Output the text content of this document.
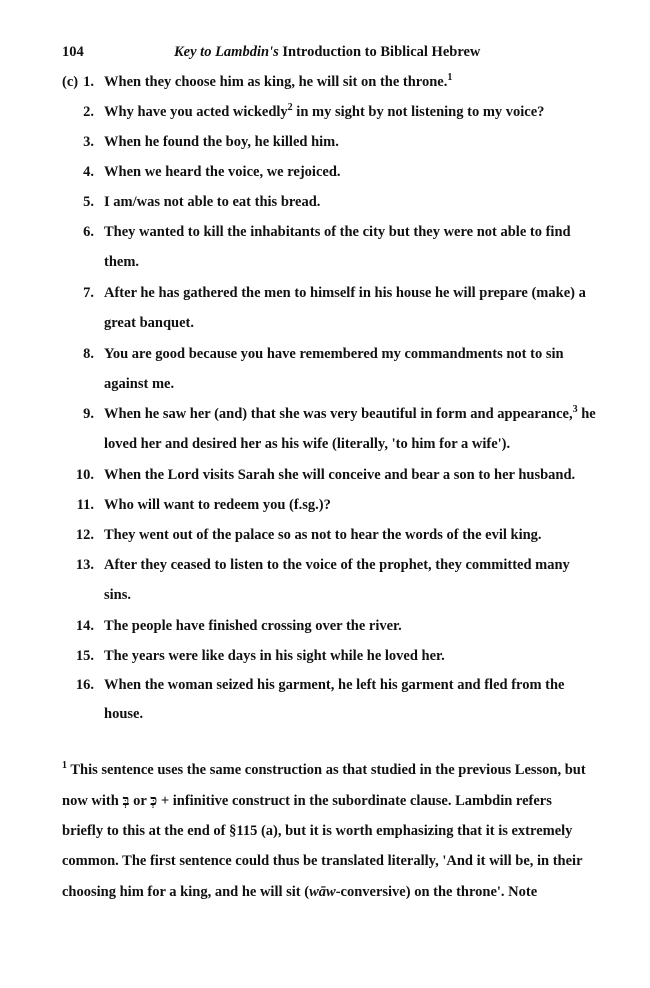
104	Key to Lambdin's Introduction to Biblical Hebrew
(c) 1. When they choose him as king, he will sit on the throne.$^1$
2. Why have you acted wickedly$^2$ in my sight by not listening to my voice?
3. When he found the boy, he killed him.
4. When we heard the voice, we rejoiced.
5. I am/was not able to eat this bread.
6. They wanted to kill the inhabitants of the city but they were not able to find
them.
7. After he has gathered the men to himself in his house he will prepare (make) a
great banquet.
8. You are good because you have remembered my commandments not to sin
against me.
9. When he saw her (and) that she was very beautiful in form and appearance,$^3$ he
loved her and desired her as his wife (literally, 'to him for a wife').
10. When the Lord visits Sarah she will conceive and bear a son to her husband.
11. Who will want to redeem you (f.sg.)?
12. They went out of the palace so as not to hear the words of the evil king.
13. After they ceased to listen to the voice of the prophet, they committed many
sins.
14. The people have finished crossing over the river.
15. The years were like days in his sight while he loved her.
16. When the woman seized his garment, he left his garment and fled from the
house.
$^1$ This sentence uses the same construction as that studied in the previous Lesson, but
now with בְּ or כְּ + infinitive construct in the subordinate clause. Lambdin refers
briefly to this at the end of §115 (a), but it is worth emphasizing that it is extremely
common. The first sentence could thus be translated literally, 'And it will be, in their
choosing him for a king, and he will sit (wāw-conversive) on the throne'. Note
